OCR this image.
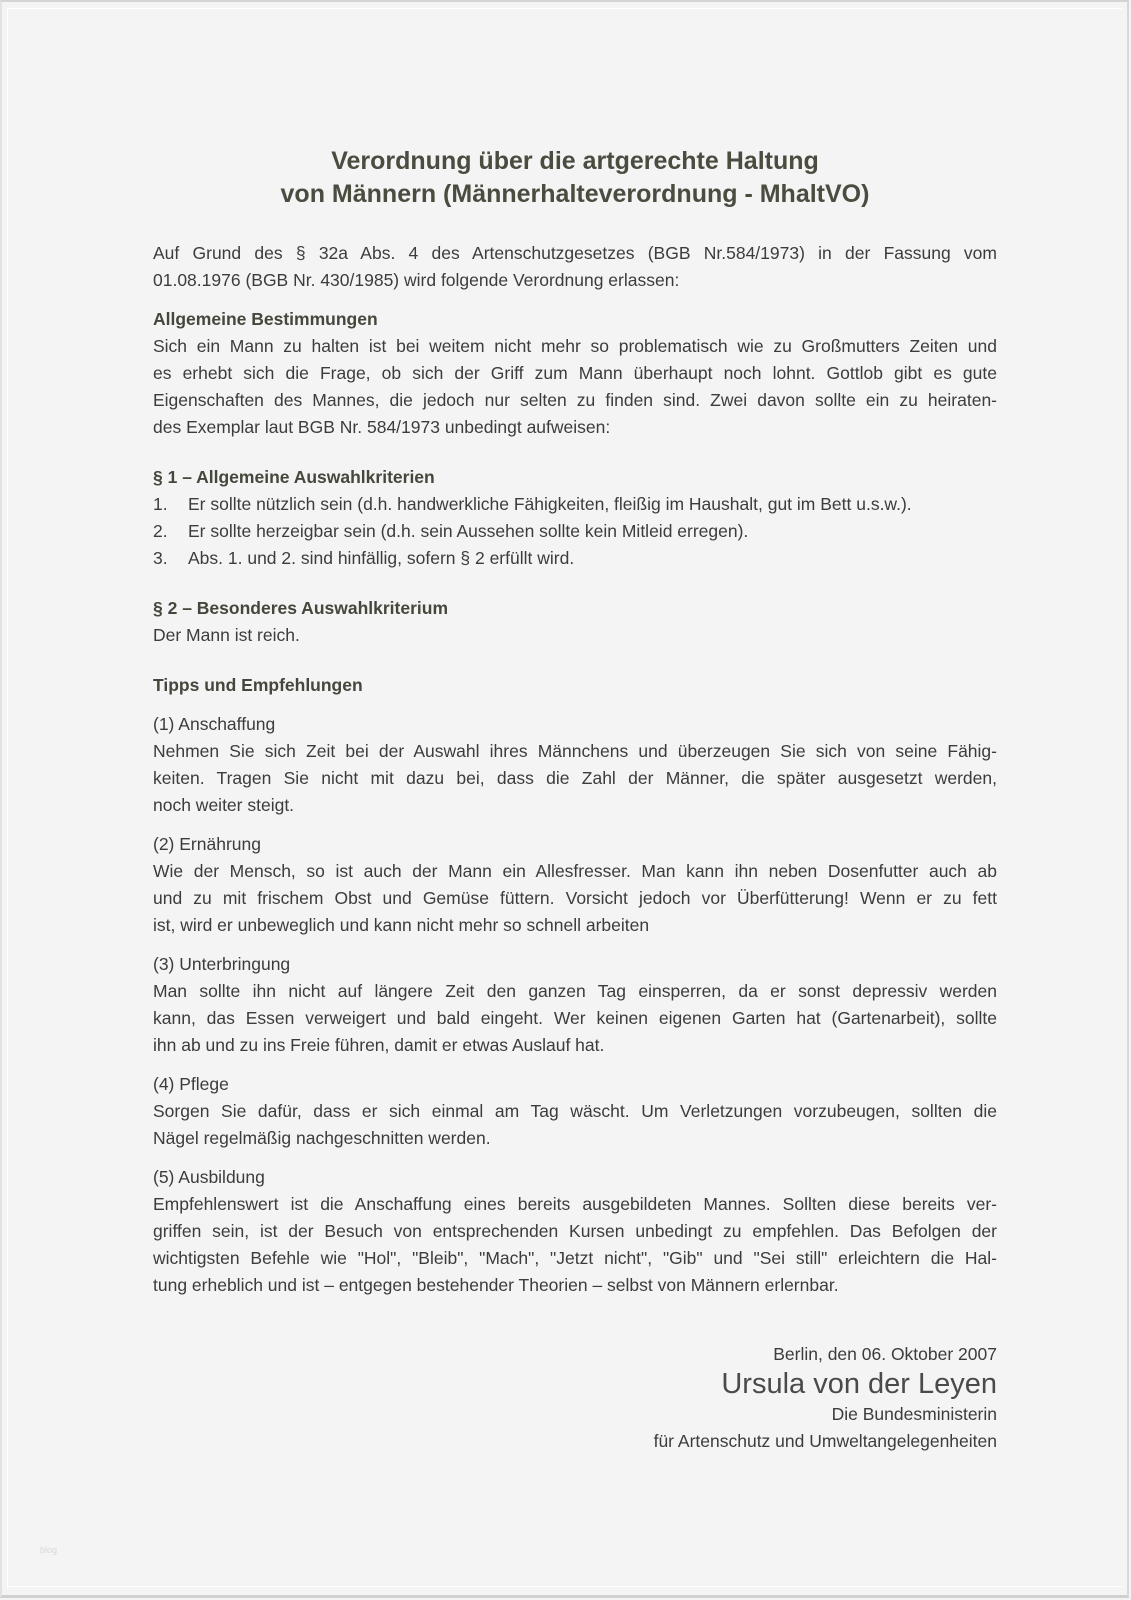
Verordnung über die artgerechte Haltung
von Männern (Männerhalteverordnung - MhaltVO)
Auf Grund des § 32a Abs. 4 des Artenschutzgesetzes (BGB Nr.584/1973) in der Fassung vom
01.08.1976 (BGB Nr. 430/1985) wird folgende Verordnung erlassen:
Allgemeine Bestimmungen
Sich ein Mann zu halten ist bei weitem nicht mehr so problematisch wie zu Großmutters Zeiten und
es erhebt sich die Frage, ob sich der Griff zum Mann überhaupt noch lohnt. Gottlob gibt es gute
Eigenschaften des Mannes, die jedoch nur selten zu finden sind. Zwei davon sollte ein zu heiraten-
des Exemplar laut BGB Nr. 584/1973 unbedingt aufweisen:
§ 1 – Allgemeine Auswahlkriterien
1.	Er sollte nützlich sein (d.h. handwerkliche Fähigkeiten, fleißig im Haushalt, gut im Bett u.s.w.).
2.	Er sollte herzeigbar sein (d.h. sein Aussehen sollte kein Mitleid erregen).
3.	Abs. 1. und 2. sind hinfällig, sofern § 2 erfüllt wird.
§ 2 – Besonderes Auswahlkriterium
Der Mann ist reich.
Tipps und Empfehlungen
(1) Anschaffung
Nehmen Sie sich Zeit bei der Auswahl ihres Männchens und überzeugen Sie sich von seine Fähig-
keiten. Tragen Sie nicht mit dazu bei, dass die Zahl der Männer, die später ausgesetzt werden,
noch weiter steigt.
(2) Ernährung
Wie der Mensch, so ist auch der Mann ein Allesfresser. Man kann ihn neben Dosenfutter auch ab
und zu mit frischem Obst und Gemüse füttern. Vorsicht jedoch vor Überfütterung! Wenn er zu fett
ist, wird er unbeweglich und kann nicht mehr so schnell arbeiten
(3) Unterbringung
Man sollte ihn nicht auf längere Zeit den ganzen Tag einsperren, da er sonst depressiv werden
kann, das Essen verweigert und bald eingeht. Wer keinen eigenen Garten hat (Gartenarbeit), sollte
ihn ab und zu ins Freie führen, damit er etwas Auslauf hat.
(4) Pflege
Sorgen Sie dafür, dass er sich einmal am Tag wäscht. Um Verletzungen vorzubeugen, sollten die
Nägel regelmäßig nachgeschnitten werden.
(5) Ausbildung
Empfehlenswert ist die Anschaffung eines bereits ausgebildeten Mannes. Sollten diese bereits ver-
griffen sein, ist der Besuch von entsprechenden Kursen unbedingt zu empfehlen. Das Befolgen der
wichtigsten Befehle wie "Hol", "Bleib", "Mach", "Jetzt nicht", "Gib" und "Sei still" erleichtern die Hal-
tung erheblich und ist – entgegen bestehender Theorien – selbst von Männern erlernbar.
Berlin, den 06. Oktober 2007
Ursula von der Leyen
Die Bundesministerin
für Artenschutz und Umweltangelegenheiten
blog
